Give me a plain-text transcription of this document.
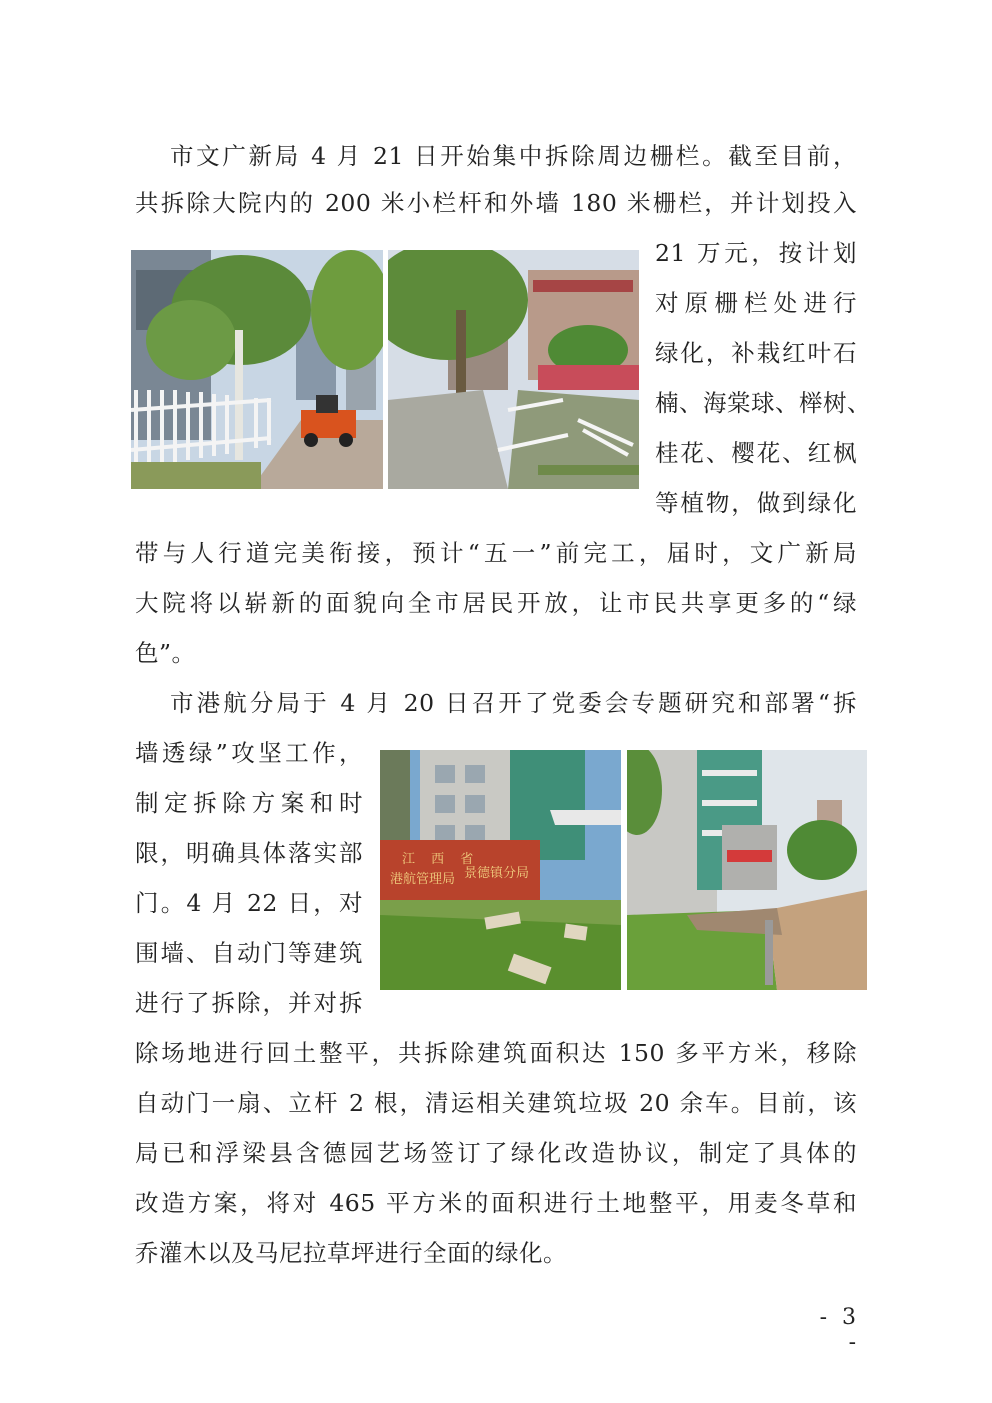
市文广新局 4 月 21 日开始集中拆除周边栅栏。截至目前，
共拆除大院内的 200 米小栏杆和外墙 180 米栅栏，并计划投入
21 万元，按计划
对原栅栏处进行
绿化，补栽红叶石
楠、海棠球、榉树、
桂花、樱花、红枫
等植物，做到绿化
带与人行道完美衔接，预计“五一”前完工，届时，文广新局
大院将以崭新的面貌向全市居民开放，让市民共享更多的“绿
色”。
市港航分局于 4 月 20 日召开了党委会专题研究和部署“拆
墙透绿”攻坚工作，
制定拆除方案和时
限，明确具体落实部
门。4 月 22 日，对
围墙、自动门等建筑
进行了拆除，并对拆
江 西 省
港航管理局 景德镇分局
除场地进行回土整平，共拆除建筑面积达 150 多平方米，移除
自动门一扇、立杆 2 根，清运相关建筑垃圾 20 余车。目前，该
局已和浮梁县含德园艺场签订了绿化改造协议，制定了具体的
改造方案，将对 465 平方米的面积进行土地整平，用麦冬草和
乔灌木以及马尼拉草坪进行全面的绿化。
- 3 -
